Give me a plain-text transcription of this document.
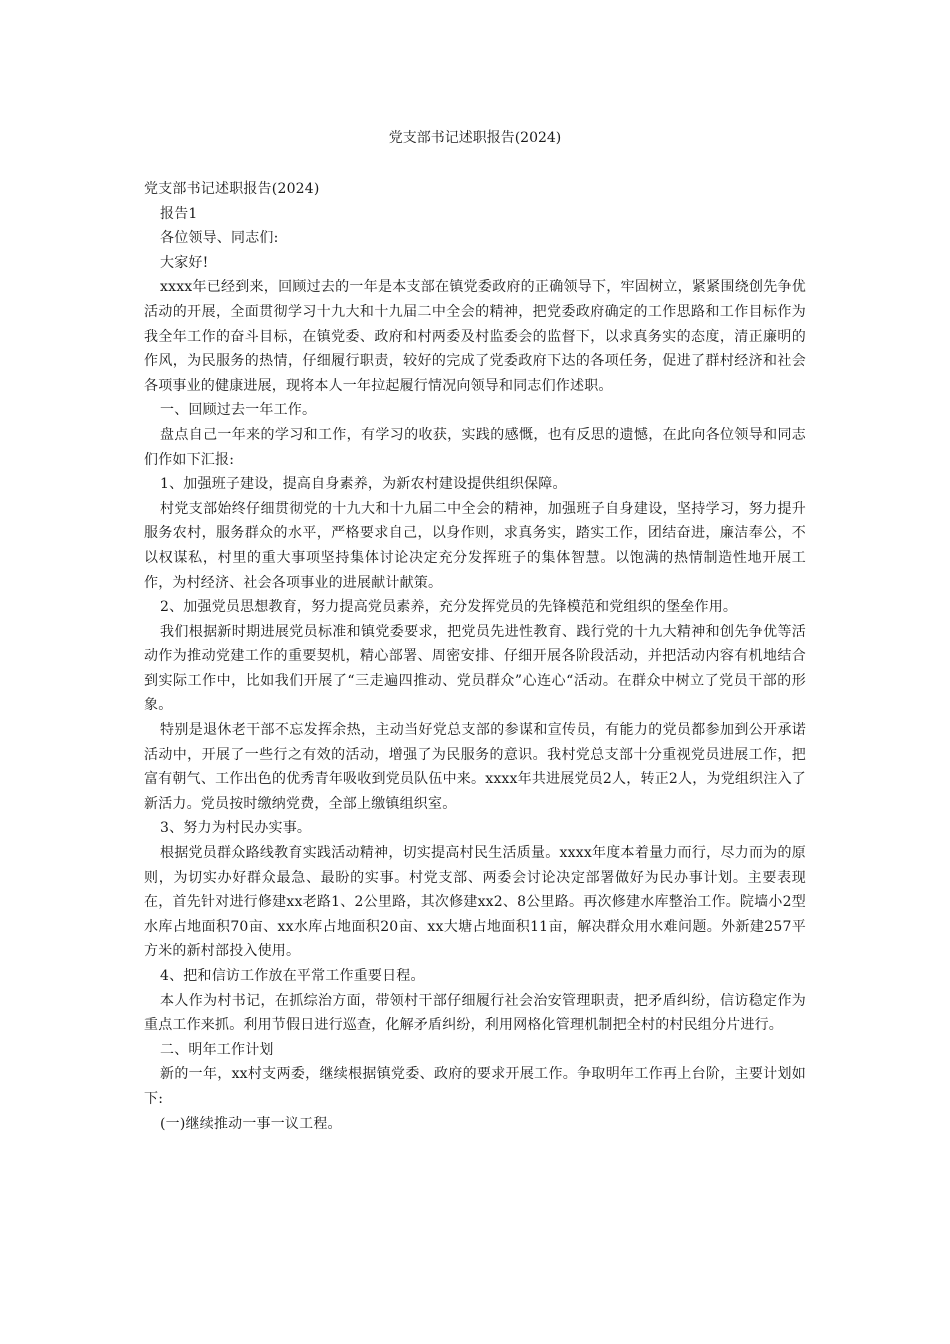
党支部书记述职报告(2024)

党支部书记述职报告(2024)

报告1

各位领导、同志们:

大家好!

xxxx年已经到来，回顾过去的一年是本支部在镇党委政府的正确领导下，牢固树立，紧紧围绕创先争优活动的开展，全面贯彻学习十九大和十九届二中全会的精神，把党委政府确定的工作思路和工作目标作为我全年工作的奋斗目标，在镇党委、政府和村两委及村监委会的监督下，以求真务实的态度，清正廉明的作风，为民服务的热情，仔细履行职责，较好的完成了党委政府下达的各项任务，促进了群村经济和社会各项事业的健康进展，现将本人一年拉起履行情况向领导和同志们作述职。

一、回顾过去一年工作。

盘点自己一年来的学习和工作，有学习的收获，实践的感慨，也有反思的遗憾，在此向各位领导和同志们作如下汇报:

1、加强班子建设，提高自身素养，为新农村建设提供组织保障。

村党支部始终仔细贯彻党的十九大和十九届二中全会的精神，加强班子自身建设，坚持学习，努力提升服务农村，服务群众的水平，严格要求自己，以身作则，求真务实，踏实工作，团结奋进，廉洁奉公，不以权谋私，村里的重大事项坚持集体讨论决定充分发挥班子的集体智慧。以饱满的热情制造性地开展工作，为村经济、社会各项事业的进展献计献策。

2、加强党员思想教育，努力提高党员素养，充分发挥党员的先锋模范和党组织的堡垒作用。

我们根据新时期进展党员标准和镇党委要求，把党员先进性教育、践行党的十九大精神和创先争优等活动作为推动党建工作的重要契机，精心部署、周密安排、仔细开展各阶段活动，并把活动内容有机地结合到实际工作中，比如我们开展了“三走遍四推动、党员群众”心连心“活动。在群众中树立了党员干部的形象。

特别是退休老干部不忘发挥余热，主动当好党总支部的参谋和宣传员，有能力的党员都参加到公开承诺活动中，开展了一些行之有效的活动，增强了为民服务的意识。我村党总支部十分重视党员进展工作，把富有朝气、工作出色的优秀青年吸收到党员队伍中来。xxxx年共进展党员2人，转正2人，为党组织注入了新活力。党员按时缴纳党费，全部上缴镇组织室。

3、努力为村民办实事。

根据党员群众路线教育实践活动精神，切实提高村民生活质量。xxxx年度本着量力而行，尽力而为的原则，为切实办好群众最急、最盼的实事。村党支部、两委会讨论决定部署做好为民办事计划。主要表现在，首先针对进行修建xx老路1、2公里路，其次修建xx2、8公里路。再次修建水库整治工作。院墙小2型水库占地面积70亩、xx水库占地面积20亩、xx大塘占地面积11亩，解决群众用水难问题。外新建257平方米的新村部投入使用。

4、把和信访工作放在平常工作重要日程。

本人作为村书记，在抓综治方面，带领村干部仔细履行社会治安管理职责，把矛盾纠纷，信访稳定作为重点工作来抓。利用节假日进行巡查，化解矛盾纠纷，利用网格化管理机制把全村的村民组分片进行。

二、明年工作计划

新的一年，xx村支两委，继续根据镇党委、政府的要求开展工作。争取明年工作再上台阶，主要计划如下:

(一)继续推动一事一议工程。
